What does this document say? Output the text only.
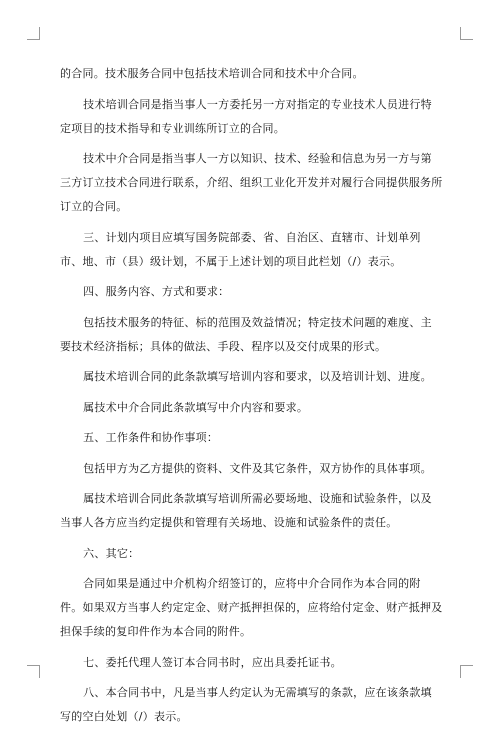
的合同。技术服务合同中包括技术培训合同和技术中介合同。

技术培训合同是指当事人一方委托另一方对指定的专业技术人员进行特定项目的技术指导和专业训练所订立的合同。

技术中介合同是指当事人一方以知识、技术、经验和信息为另一方与第三方订立技术合同进行联系，介绍、组织工业化开发并对履行合同提供服务所订立的合同。

三、计划内项目应填写国务院部委、省、自治区、直辖市、计划单列市、地、市（县）级计划，不属于上述计划的项目此栏划（/）表示。

四、服务内容、方式和要求：

包括技术服务的特征、标的范围及效益情况；特定技术问题的难度、主要技术经济指标；具体的做法、手段、程序以及交付成果的形式。

属技术培训合同的此条款填写培训内容和要求，以及培训计划、进度。

属技术中介合同此条款填写中介内容和要求。

五、工作条件和协作事项：

包括甲方为乙方提供的资料、文件及其它条件，双方协作的具体事项。

属技术培训合同此条款填写培训所需必要场地、设施和试验条件，以及当事人各方应当约定提供和管理有关场地、设施和试验条件的责任。

六、其它：

合同如果是通过中介机构介绍签订的，应将中介合同作为本合同的附件。如果双方当事人约定定金、财产抵押担保的，应将给付定金、财产抵押及担保手续的复印件作为本合同的附件。

七、委托代理人签订本合同书时，应出具委托证书。

八、本合同书中，凡是当事人约定认为无需填写的条款，应在该条款填写的空白处划（/）表示。
